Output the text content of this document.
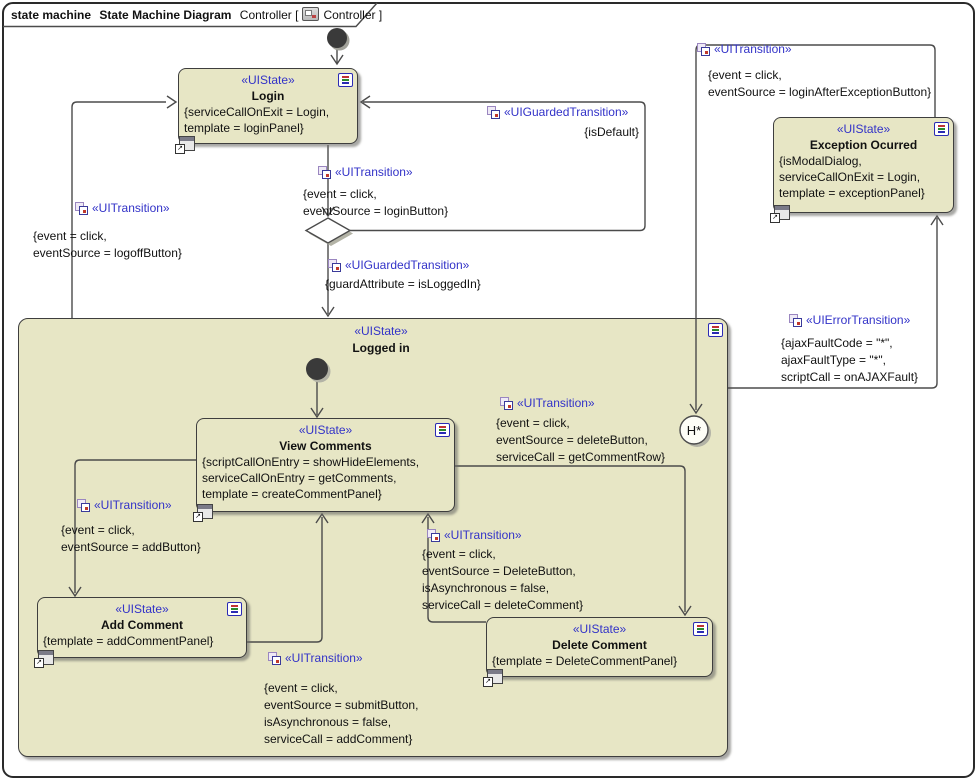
state machine State Machine Diagram Controller [ Controller ]
«UIState»
Logged in
H*
«UIState»
Login
{serviceCallOnExit = Login,
template = loginPanel}
↗
«UIState»
View Comments
{scriptCallOnEntry = showHideElements,
serviceCallOnEntry = getComments,
template = createCommentPanel}
↗
«UIState»
Add Comment
{template = addCommentPanel}
↗
«UIState»
Delete Comment
{template = DeleteCommentPanel}
↗
«UIState»
Exception Ocurred
{isModalDialog,
serviceCallOnExit = Login,
template = exceptionPanel}
↗
«UITransition»
{event = click,
eventSource = loginButton}
«UITransition»
{event = click,
eventSource = logoffButton}
«UIGuardedTransition»
{isDefault}
«UIGuardedTransition»
{guardAttribute = isLoggedIn}
«UITransition»
{event = click,
eventSource = loginAfterExceptionButton}
«UIErrorTransition»
{ajaxFaultCode = "*",
ajaxFaultType = "*",
scriptCall = onAJAXFault}
«UITransition»
{event = click,
eventSource = deleteButton,
serviceCall = getCommentRow}
«UITransition»
{event = click,
eventSource = addButton}
«UITransition»
{event = click,
eventSource = submitButton,
isAsynchronous = false,
serviceCall = addComment}
«UITransition»
{event = click,
eventSource = DeleteButton,
isAsynchronous = false,
serviceCall = deleteComment}
